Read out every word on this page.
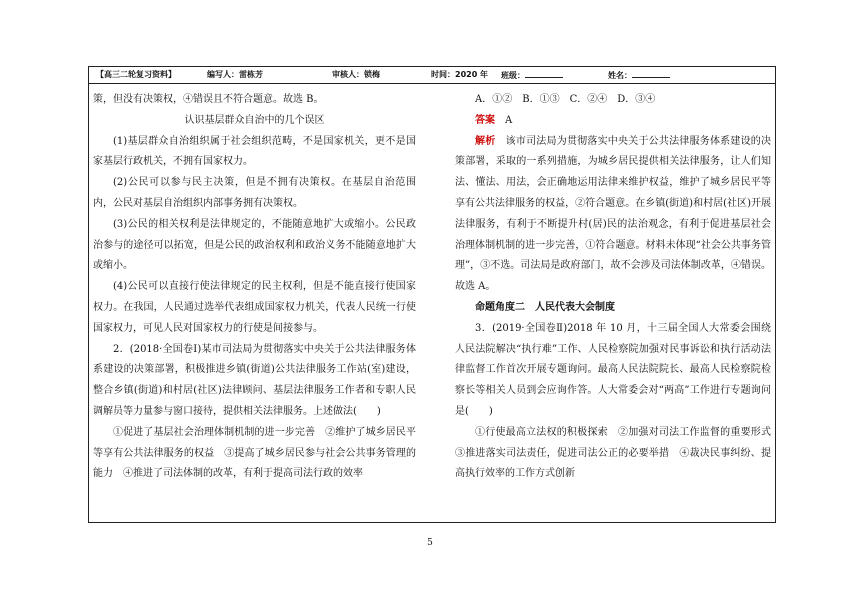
【高三二轮复习资料】	编写人：雷栋芳	审核人：锁梅	时间：2020 年 班级：	姓名：

策，但没有决策权，④错误且不符合题意。故选 B。

认识基层群众自治中的几个误区

(1)基层群众自治组织属于社会组织范畴，不是国家机关，更不是国家基层行政机关，不拥有国家权力。

(2)公民可以参与民主决策，但是不拥有决策权。在基层自治范围内，公民对基层自治组织内部事务拥有决策权。

(3)公民的相关权利是法律规定的，不能随意地扩大或缩小。公民政治参与的途径可以拓宽，但是公民的政治权利和政治义务不能随意地扩大或缩小。

(4)公民可以直接行使法律规定的民主权利，但是不能直接行使国家权力。在我国，人民通过选举代表组成国家权力机关，代表人民统一行使国家权力，可见人民对国家权力的行使是间接参与。

2．(2018·全国卷Ⅰ)某市司法局为贯彻落实中央关于公共法律服务体系建设的决策部署，积极推进乡镇(街道)公共法律服务工作站(室)建设，整合乡镇(街道)和村居(社区)法律顾问、基层法律服务工作者和专职人民调解员等力量参与窗口接待，提供相关法律服务。上述做法(　　)

①促进了基层社会治理体制机制的进一步完善　②维护了城乡居民平等享有公共法律服务的权益　③提高了城乡居民参与社会公共事务管理的能力　④推进了司法体制的改革，有利于提高司法行政的效率

A．①②　B．①③　C．②④　D．③④

答案　 A

解析　 该市司法局为贯彻落实中央关于公共法律服务体系建设的决策部署，采取的一系列措施，为城乡居民提供相关法律服务，让人们知法、懂法、用法，会正确地运用法律来维护权益，维护了城乡居民平等享有公共法律服务的权益，②符合题意。在乡镇(街道)和村居(社区)开展法律服务，有利于不断提升村(居)民的法治观念，有利于促进基层社会治理体制机制的进一步完善，①符合题意。材料未体现“社会公共事务管理”，③不选。司法局是政府部门，故不会涉及司法体制改革，④错误。故选 A。

命题角度二　人民代表大会制度

3．(2019·全国卷Ⅱ)2018 年 10 月，十三届全国人大常委会围绕人民法院解决“执行难”工作、人民检察院加强对民事诉讼和执行活动法律监督工作首次开展专题询问。最高人民法院院长、最高人民检察院检察长等相关人员到会应询作答。人大常委会对“两高”工作进行专题询问是(　　)

①行使最高立法权的积极探索　②加强对司法工作监督的重要形式　③推进落实司法责任，促进司法公正的必要举措　④裁决民事纠纷、提高执行效率的工作方式创新

5
